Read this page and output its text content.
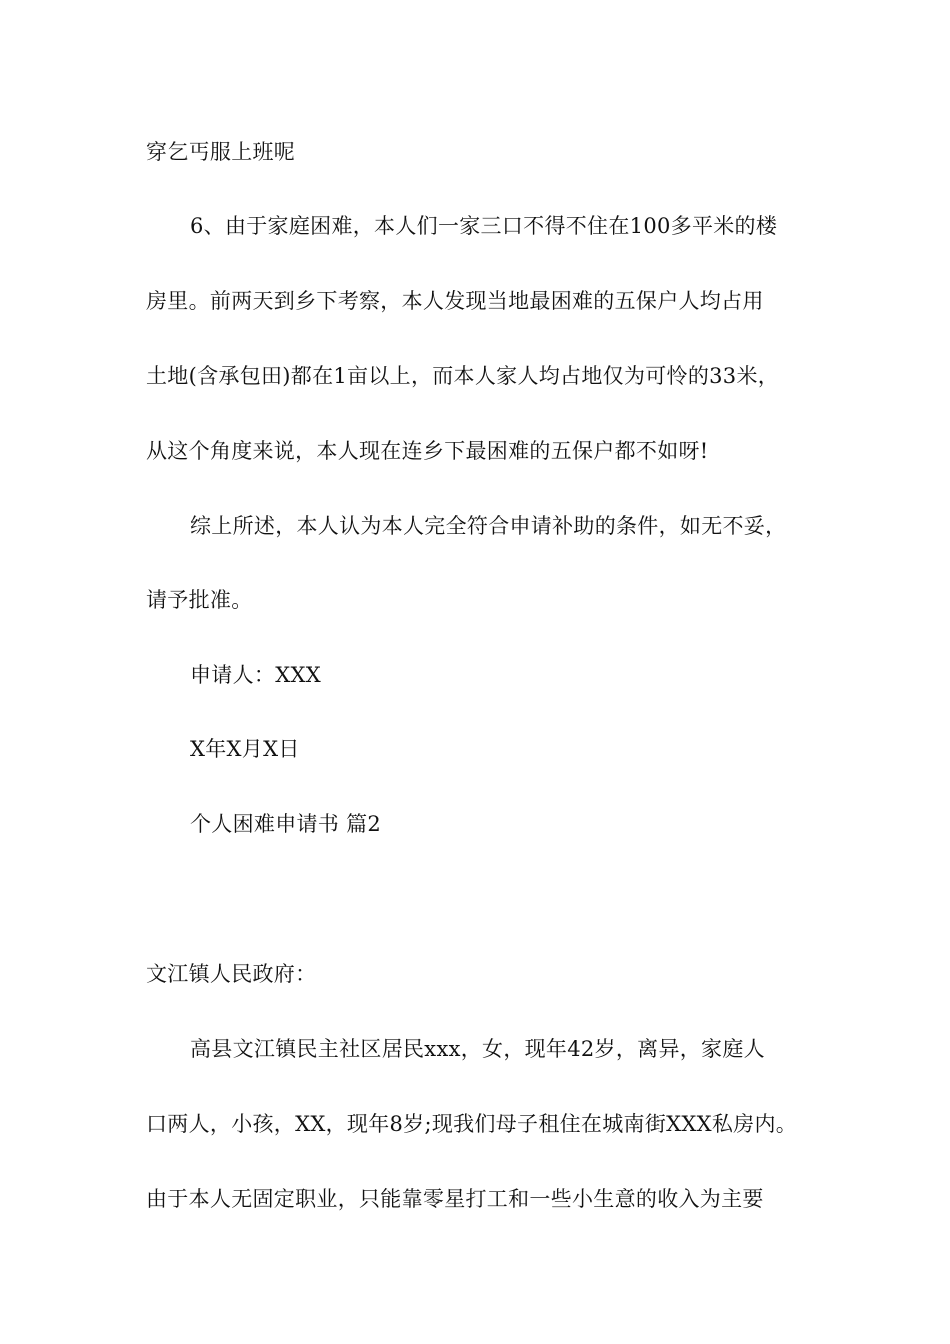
穿乞丐服上班呢
6、由于家庭困难，本人们一家三口不得不住在100多平米的楼
房里。前两天到乡下考察，本人发现当地最困难的五保户人均占用
土地(含承包田)都在1亩以上，而本人家人均占地仅为可怜的33米，
从这个角度来说，本人现在连乡下最困难的五保户都不如呀!
综上所述，本人认为本人完全符合申请补助的条件，如无不妥，
请予批准。
申请人：XXX
X年X月X日
个人困难申请书 篇2
文江镇人民政府：
高县文江镇民主社区居民xxx，女，现年42岁，离异，家庭人
口两人，小孩，XX，现年8岁;现我们母子租住在城南街XXX私房内。
由于本人无固定职业，只能靠零星打工和一些小生意的收入为主要
